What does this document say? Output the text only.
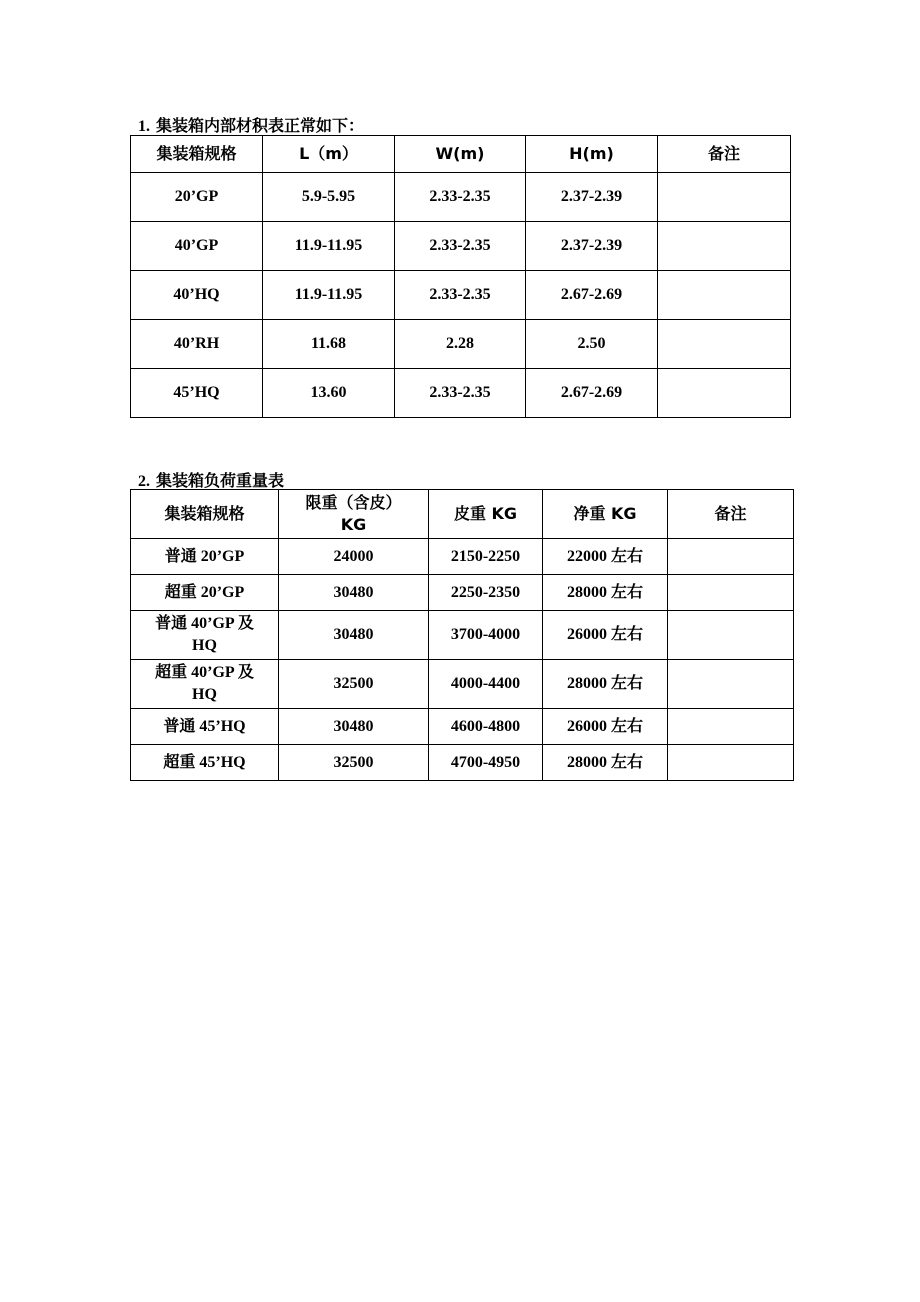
1. 集装箱内部材积表正常如下：
集装箱规格	L（m）	W(m)	H(m)	备注
20’GP	5.9-5.95	2.33-2.35	2.37-2.39	
40’GP	11.9-11.95	2.33-2.35	2.37-2.39	
40’HQ	11.9-11.95	2.33-2.35	2.67-2.69	
40’RH	11.68	2.28	2.50	
45’HQ	13.60	2.33-2.35	2.67-2.69	
2. 集装箱负荷重量表
集装箱规格	限重（含皮）KG	皮重 KG	净重 KG	备注
普通 20’GP	24000	2150-2250	22000 左右	
超重 20’GP	30480	2250-2350	28000 左右	
普通 40’GP 及HQ	30480	3700-4000	26000 左右	
超重 40’GP 及HQ	32500	4000-4400	28000 左右	
普通 45’HQ	30480	4600-4800	26000 左右	
超重 45’HQ	32500	4700-4950	28000 左右	
